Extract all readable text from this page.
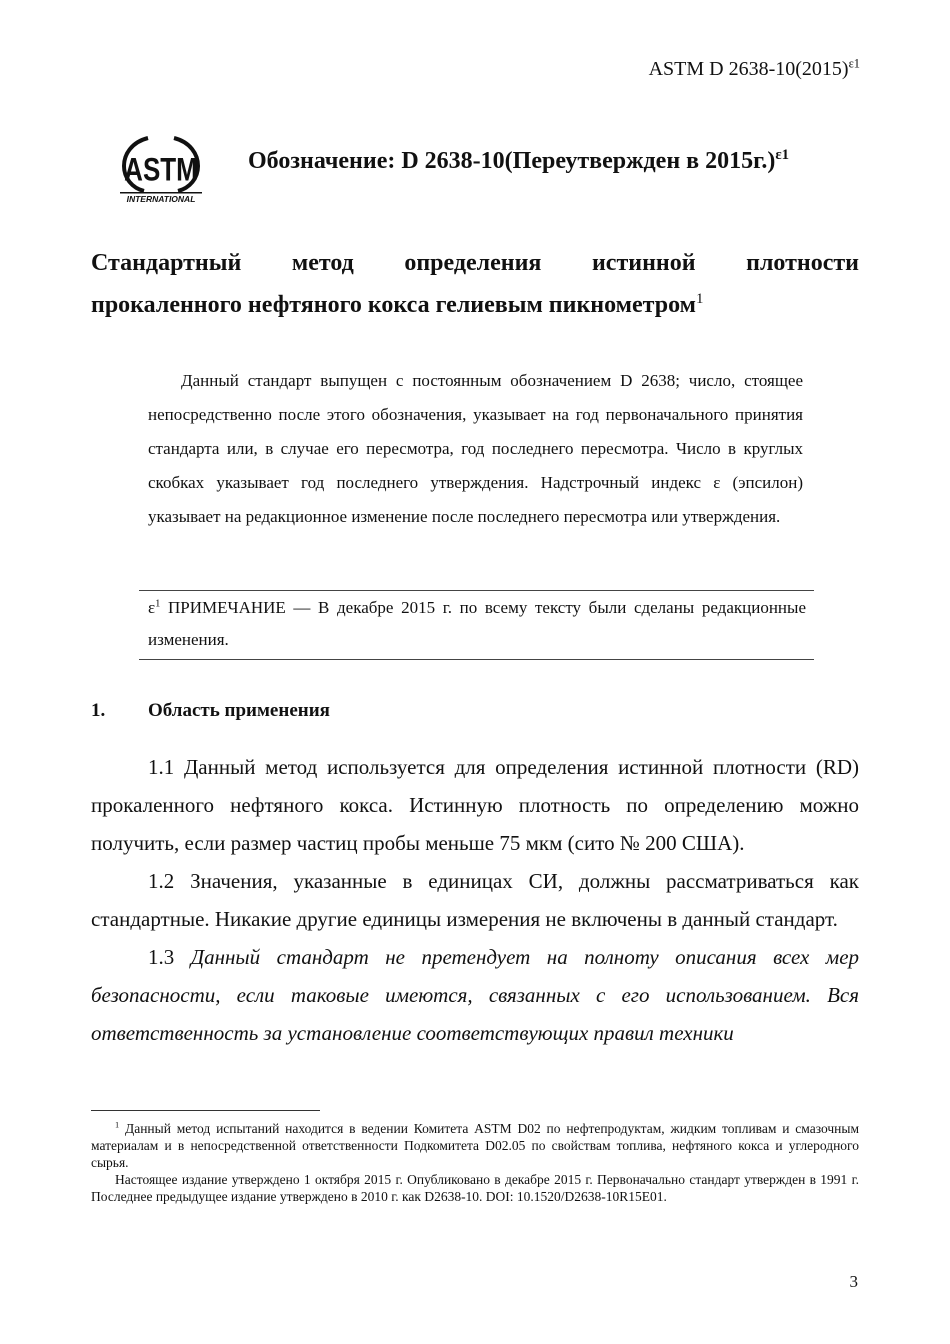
ASTM D $2638-10(2015)^{\varepsilon 1}$
ASTM
INTERNATIONAL
Обозначение: D 2638-10(Переутвержден в 2015г.)$^{\varepsilon 1}$
Стандартный метод определения истинной плотности
прокаленного нефтяного кокса гелиевым пикнометром$^1$

Данный стандарт выпущен с постоянным обозначением D 2638; число, стоящее непосредственно после этого обозначения, указывает на год первоначального принятия стандарта или, в случае его пересмотра, год последнего пересмотра. Число в круглых скобках указывает год последнего утверждения. Надстрочный индекс ε (эпсилон) указывает на редакционное изменение после последнего пересмотра или утверждения.

$\varepsilon^1$ ПРИМЕЧАНИЕ — В декабре 2015 г. по всему тексту были сделаны редакционные изменения.
1. Область применения

1.1 Данный метод используется для определения истинной плотности (RD) прокаленного нефтяного кокса. Истинную плотность по определению можно получить, если размер частиц пробы меньше 75 мкм (сито № 200 США).

1.2 Значения, указанные в единицах СИ, должны рассматриваться как стандартные. Никакие другие единицы измерения не включены в данный стандарт.

1.3 Данный стандарт не претендует на полноту описания всех мер безопасности, если таковые имеются, связанных с его использованием. Вся ответственность за установление соответствующих правил техники

$^1$ Данный метод испытаний находится в ведении Комитета ASTM D02 по нефтепродуктам, жидким топливам и смазочным материалам и в непосредственной ответственности Подкомитета D02.05 по свойствам топлива, нефтяного кокса и углеродного сырья.

Настоящее издание утверждено 1 октября 2015 г. Опубликовано в декабре 2015 г. Первоначально стандарт утвержден в 1991 г. Последнее предыдущее издание утверждено в 2010 г. как D2638-10. DOI: 10.1520/D2638-10R15E01.

3
